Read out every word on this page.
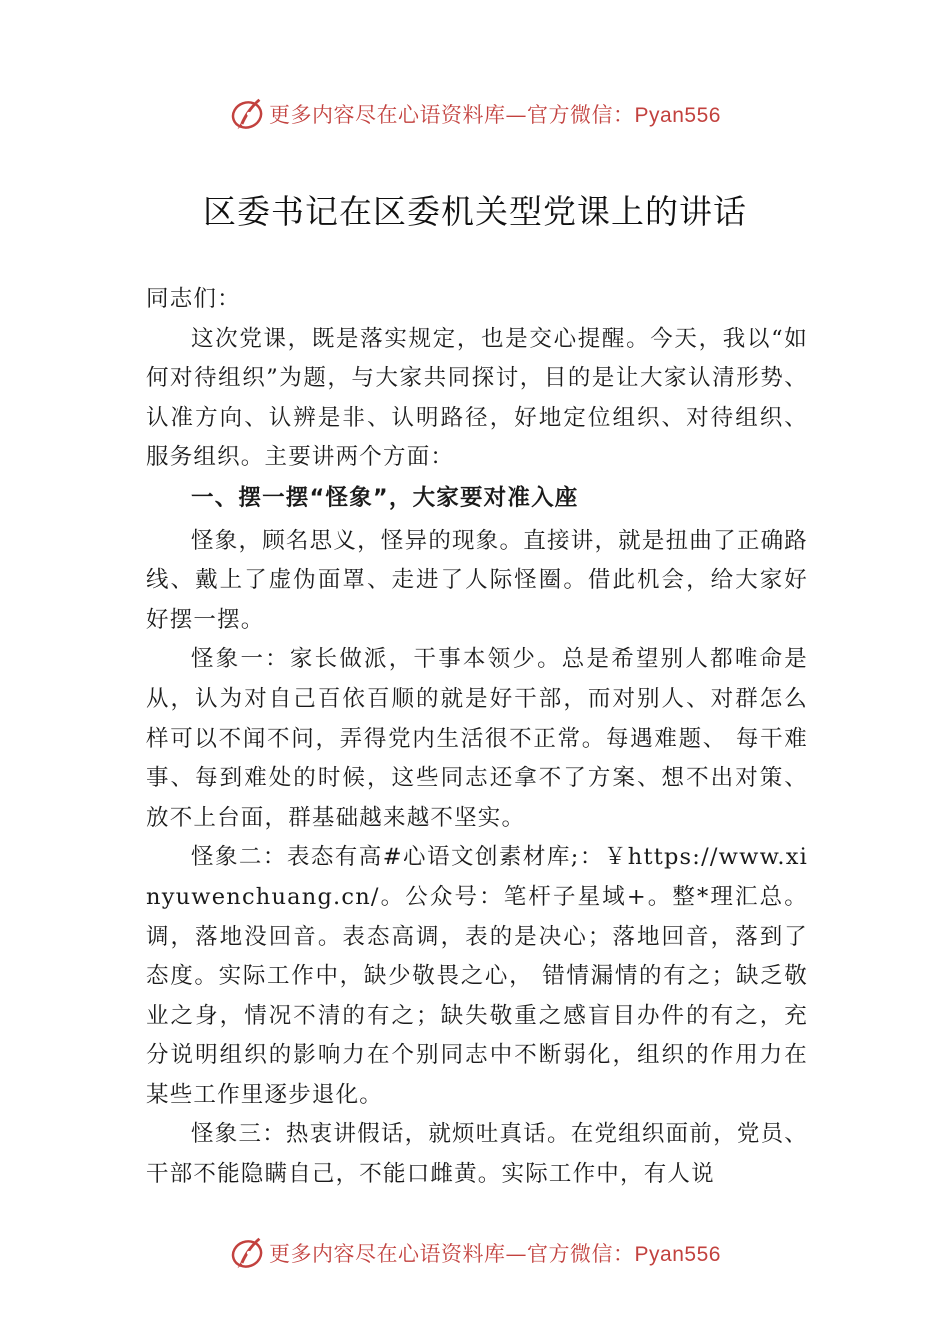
更多内容尽在心语资料库—官方微信：Pyan556
区委书记在区委机关型党课上的讲话

同志们：

这次党课，既是落实规定，也是交心提醒。今天，我以“如何对待组织”为题，与大家共同探讨，目的是让大家认清形势、认准方向、认辨是非、认明路径，好地定位组织、对待组织、服务组织。主要讲两个方面：

一、摆一摆“怪象”，大家要对准入座

怪象，顾名思义，怪异的现象。直接讲，就是扭曲了正确路线、戴上了虚伪面罩、走进了人际怪圈。借此机会，给大家好好摆一摆。

怪象一：家长做派，干事本领少。总是希望别人都唯命是从，认为对自己百依百顺的就是好干部，而对别人、对群怎么样可以不闻不问，弄得党内生活很不正常。每遇难题、 每干难事、每到难处的时候，这些同志还拿不了方案、想不出对策、放不上台面，群基础越来越不坚实。

怪象二：表态有高#心语文创素材库;：￥https://www.xinyuwenchuang.cn/。公众号：笔杆子星域+。整*理汇总。调，落地没回音。表态高调，表的是决心；落地回音，落到了态度。实际工作中，缺少敬畏之心， 错情漏情的有之；缺乏敬业之身，情况不清的有之；缺失敬重之感盲目办件的有之，充分说明组织的影响力在个别同志中不断弱化，组织的作用力在某些工作里逐步退化。

怪象三：热衷讲假话，就烦吐真话。在党组织面前，党员、干部不能隐瞒自己，不能口雌黄。实际工作中，有人说

更多内容尽在心语资料库—官方微信：Pyan556
